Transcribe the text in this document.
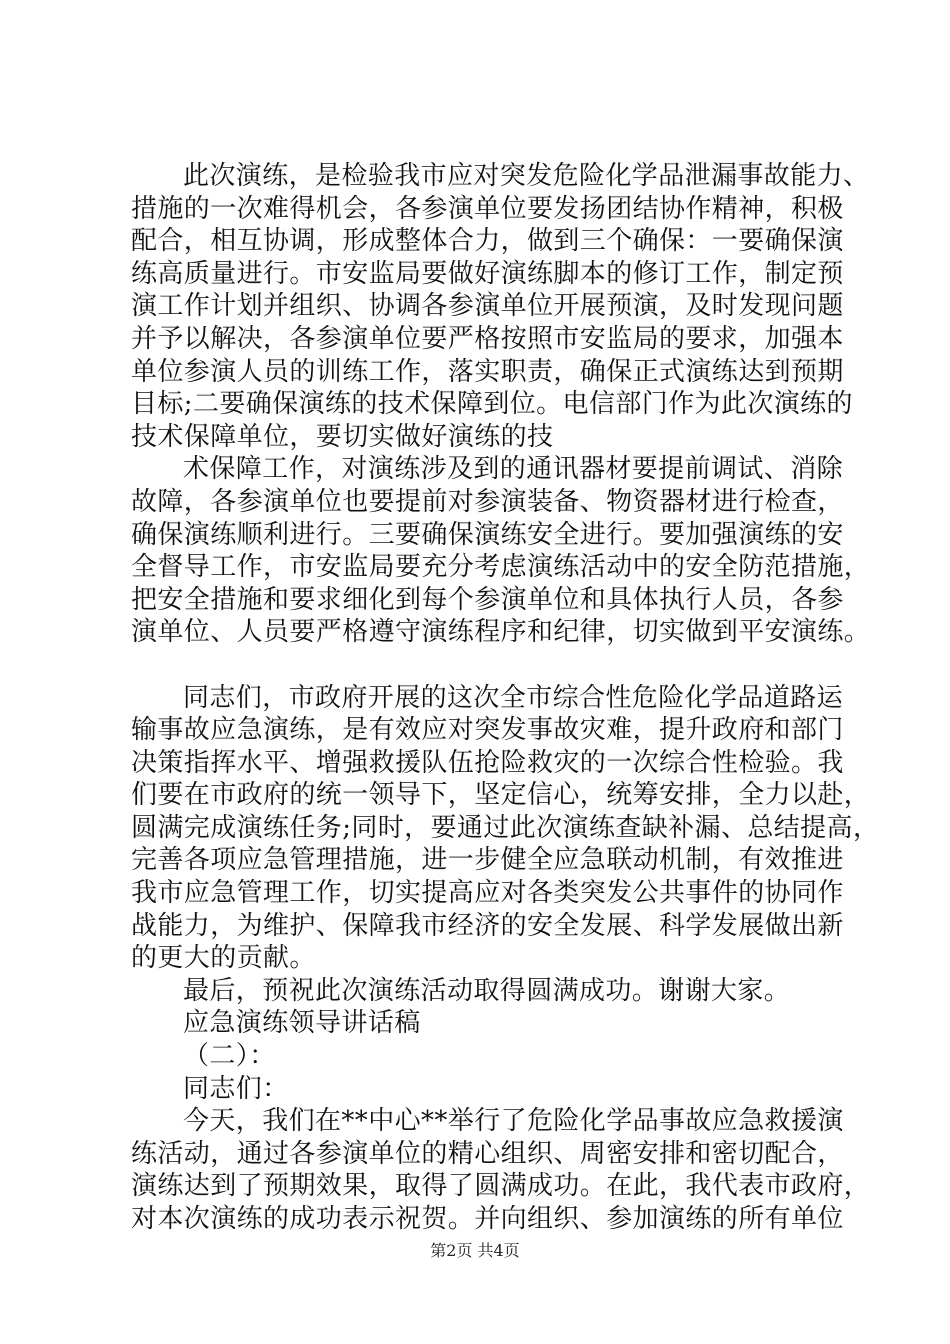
此次演练，是检验我市应对突发危险化学品泄漏事故能力、
措施的一次难得机会，各参演单位要发扬团结协作精神，积极
配合，相互协调，形成整体合力，做到三个确保：一要确保演
练高质量进行。市安监局要做好演练脚本的修订工作，制定预
演工作计划并组织、协调各参演单位开展预演，及时发现问题
并予以解决，各参演单位要严格按照市安监局的要求，加强本
单位参演人员的训练工作，落实职责，确保正式演练达到预期
目标;二要确保演练的技术保障到位。电信部门作为此次演练的
技术保障单位，要切实做好演练的技
术保障工作，对演练涉及到的通讯器材要提前调试、消除
故障，各参演单位也要提前对参演装备、物资器材进行检查，
确保演练顺利进行。三要确保演练安全进行。要加强演练的安
全督导工作，市安监局要充分考虑演练活动中的安全防范措施，
把安全措施和要求细化到每个参演单位和具体执行人员，各参
演单位、人员要严格遵守演练程序和纪律，切实做到平安演练。
同志们，市政府开展的这次全市综合性危险化学品道路运
输事故应急演练，是有效应对突发事故灾难，提升政府和部门
决策指挥水平、增强救援队伍抢险救灾的一次综合性检验。我
们要在市政府的统一领导下，坚定信心，统筹安排，全力以赴，
圆满完成演练任务;同时，要通过此次演练查缺补漏、总结提高，
完善各项应急管理措施，进一步健全应急联动机制，有效推进
我市应急管理工作，切实提高应对各类突发公共事件的协同作
战能力，为维护、保障我市经济的安全发展、科学发展做出新
的更大的贡献。
最后，预祝此次演练活动取得圆满成功。谢谢大家。
应急演练领导讲话稿
（二）：
同志们：
今天，我们在**中心**举行了危险化学品事故应急救援演
练活动，通过各参演单位的精心组织、周密安排和密切配合，
演练达到了预期效果，取得了圆满成功。在此，我代表市政府，
对本次演练的成功表示祝贺。并向组织、参加演练的所有单位
第2页 共4页
